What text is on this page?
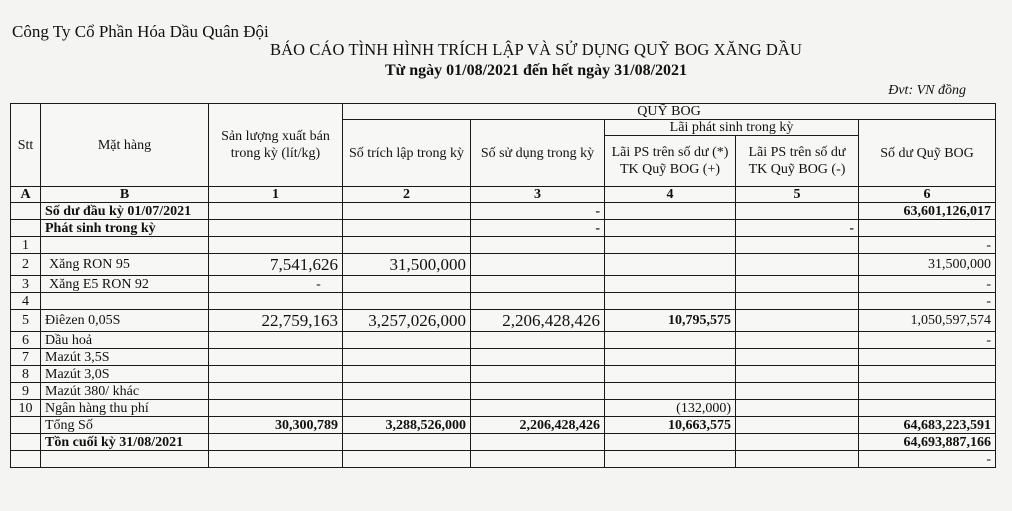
Công Ty Cổ Phần Hóa Dầu Quân Đội
BÁO CÁO TÌNH HÌNH TRÍCH LẬP VÀ SỬ DỤNG QUỸ BOG XĂNG DẦU
Từ ngày 01/08/2021 đến hết ngày 31/08/2021
Đvt: VN đồng
Stt	Mặt hàng	Sản lượng xuất bán trong kỳ (lít/kg)	QUỸ BOG				
			Số trích lập trong kỳ	Số sử dụng trong kỳ	Lãi phát sinh trong kỳ		Số dư Quỹ BOG
					Lãi PS trên số dư (*) TK Quỹ BOG (+)	Lãi PS trên số dư TK Quỹ BOG (-)	
A	B	1	2	3	4	5	6
	Số dư đầu kỳ 01/07/2021			-			63,601,126,017
	Phát sinh trong kỳ			-		-	
1							-
2	Xăng RON 95	7,541,626	31,500,000				31,500,000
3	Xăng E5 RON 92	-					-
4							-
5	Điêzen 0,05S	22,759,163	3,257,026,000	2,206,428,426	10,795,575		1,050,597,574
6	Dầu hoả						-
7	Mazút 3,5S						
8	Mazút 3,0S						
9	Mazút 380/ khác						
10	Ngân hàng thu phí				(132,000)		
	Tổng Số	30,300,789	3,288,526,000	2,206,428,426	10,663,575		64,683,223,591
	Tồn cuối kỳ 31/08/2021						64,693,887,166
							-
